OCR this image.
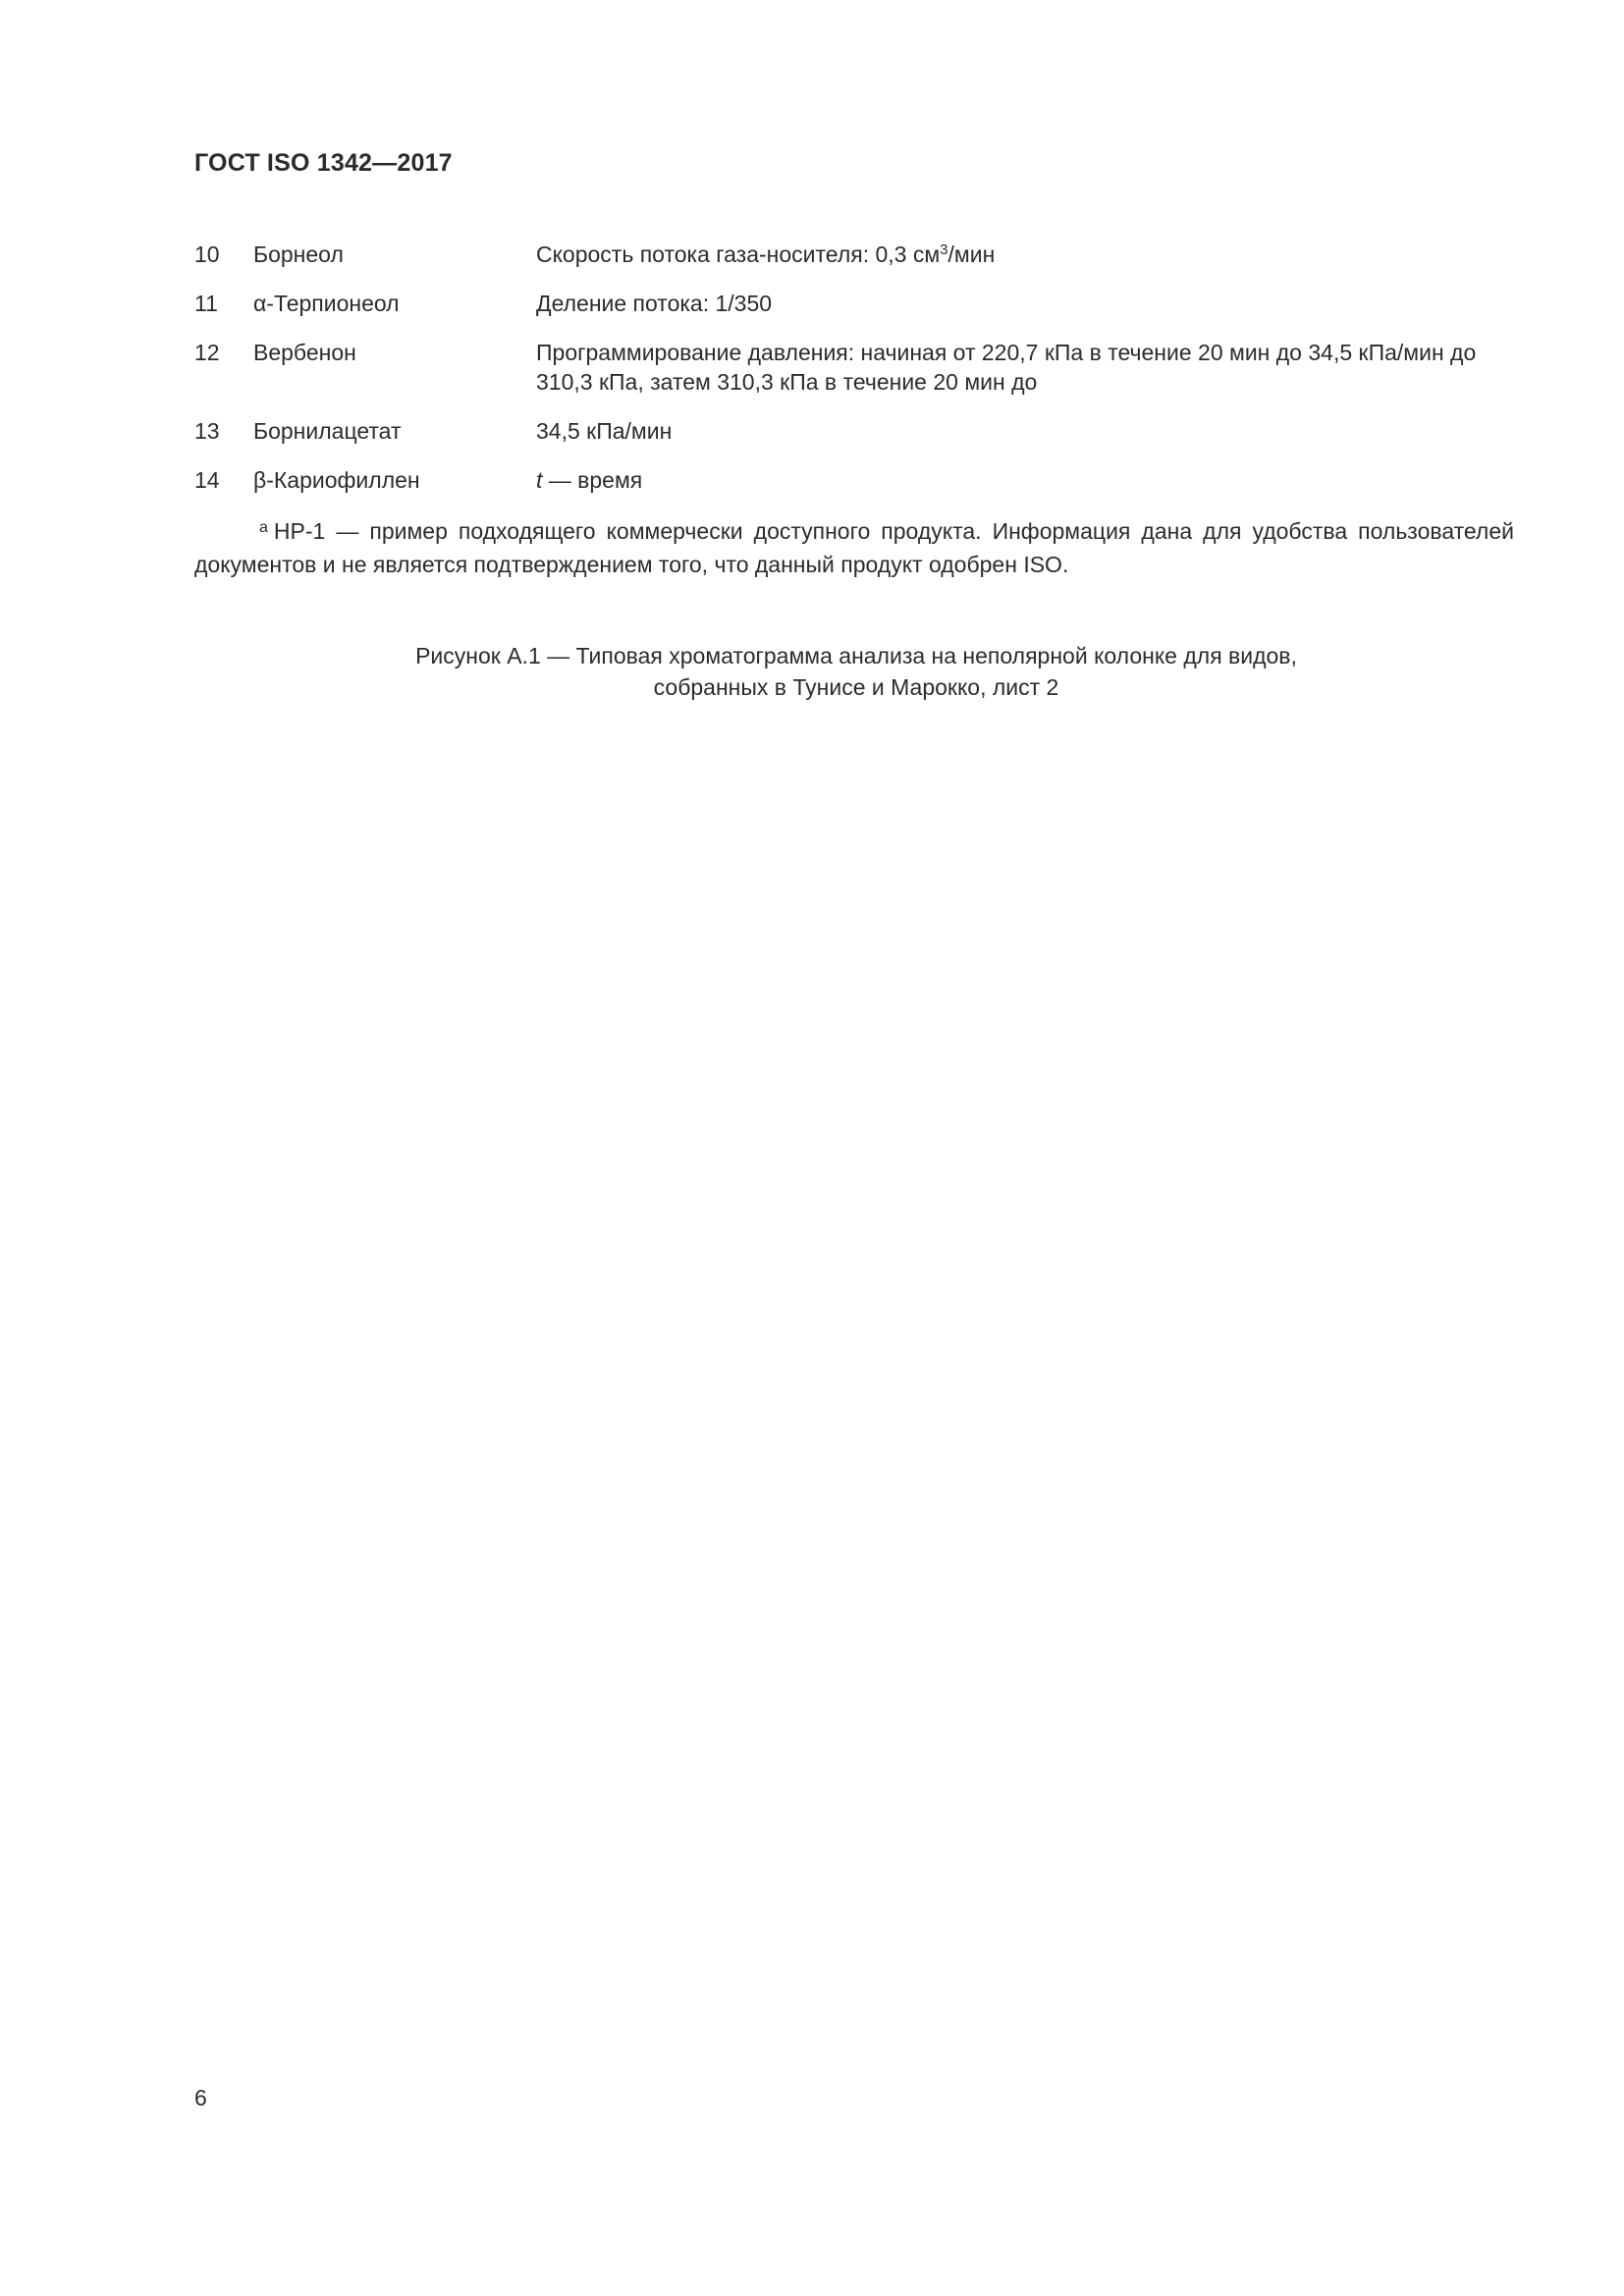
ГОСТ ISO 1342—2017
10	Борнеол	Скорость потока газа-носителя: 0,3 $см^3$/мин
11	α-Терпионеол	Деление потока: 1/350
12	Вербенон	Программирование давления: начиная от 220,7 кПа в течение 20 мин до 34,5 кПа/мин до 310,3 кПа, затем 310,3 кПа в течение 20 мин до
13	Борнилацетат	34,5 кПа/мин
14	β-Кариофиллен	t — время
$^a$ HP-1 — пример подходящего коммерчески доступного продукта. Информация дана для удобства пользователей документов и не является подтверждением того, что данный продукт одобрен ISO.
Рисунок А.1 — Типовая хроматограмма анализа на неполярной колонке для видов,
собранных в Тунисе и Марокко, лист 2
6
